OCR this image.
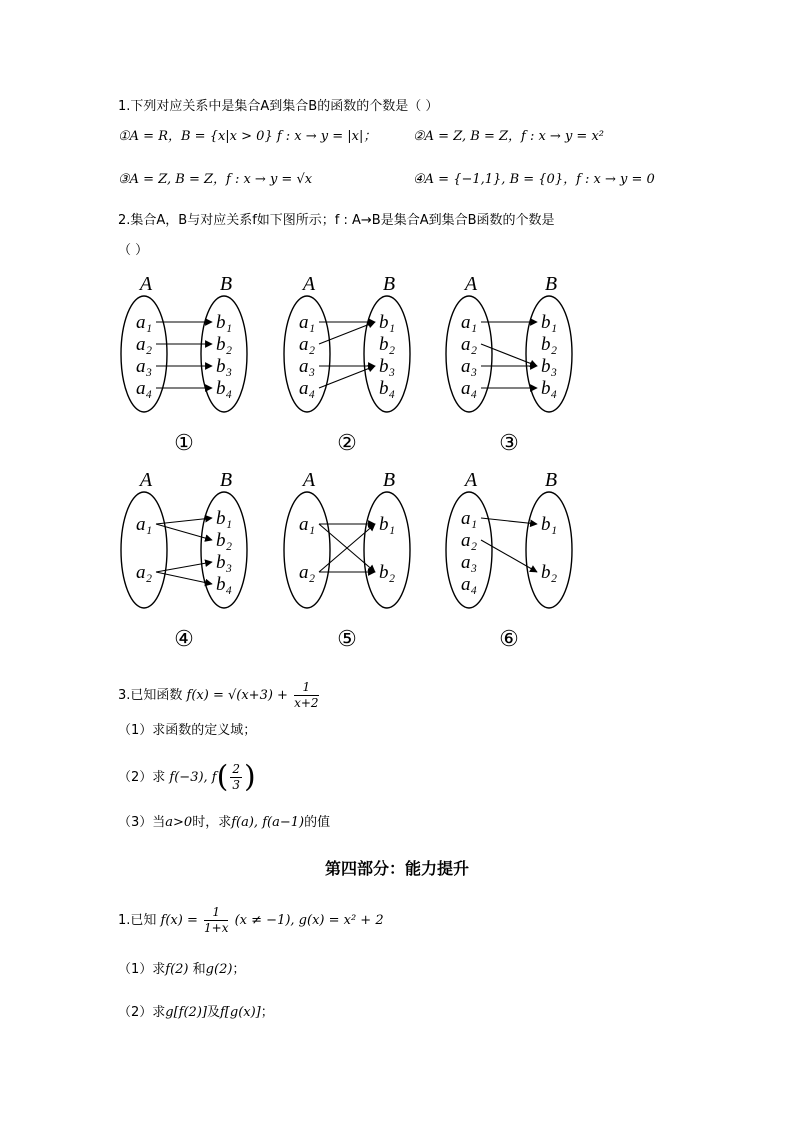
1.下列对应关系中是集合A到集合B的函数的个数是（ ）
①A = R，B = {x|x > 0} f : x → y = |x|；	②A = Z, B = Z，f : x → y = x²
③A = Z, B = Z，f : x → y = √x	④A = {−1,1}, B = {0}，f : x → y = 0
2.集合A，B与对应关系f如下图所示；f : A→B是集合A到集合B函数的个数是
（ ）
A	B
a₁
a₂
a₃
a₄
b₁
b₂
b₃
b₄
①
A	B
a₁
a₂
a₃
a₄
b₁
b₂
b₃
b₄
②
A	B
a₁
a₂
a₃
a₄
b₁
b₂
b₃
b₄
③
A	B
a₁
a₂
b₁
b₂
b₃
b₄
④
A	B
a₁
a₂
b₁
b₂
⑤
A	B
a₁
a₂
a₃
a₄
b₁
b₂
⑥
3.已知函数 $f(x) = √(x+3) + \frac{1}{x+2}$
（1）求函数的定义域；
（2）求 f(−3), $f( \frac{2}{3}$ )
（3）当a>0时，求f(a), f(a−1)的值
第四部分：能力提升
1.已知 $f(x) = \frac{1}{1+x} (x \ne -1)$, g(x) = x² + 2
（1）求f(2) 和g(2)；
（2）求g[f(2)]及f[g(x)]；
